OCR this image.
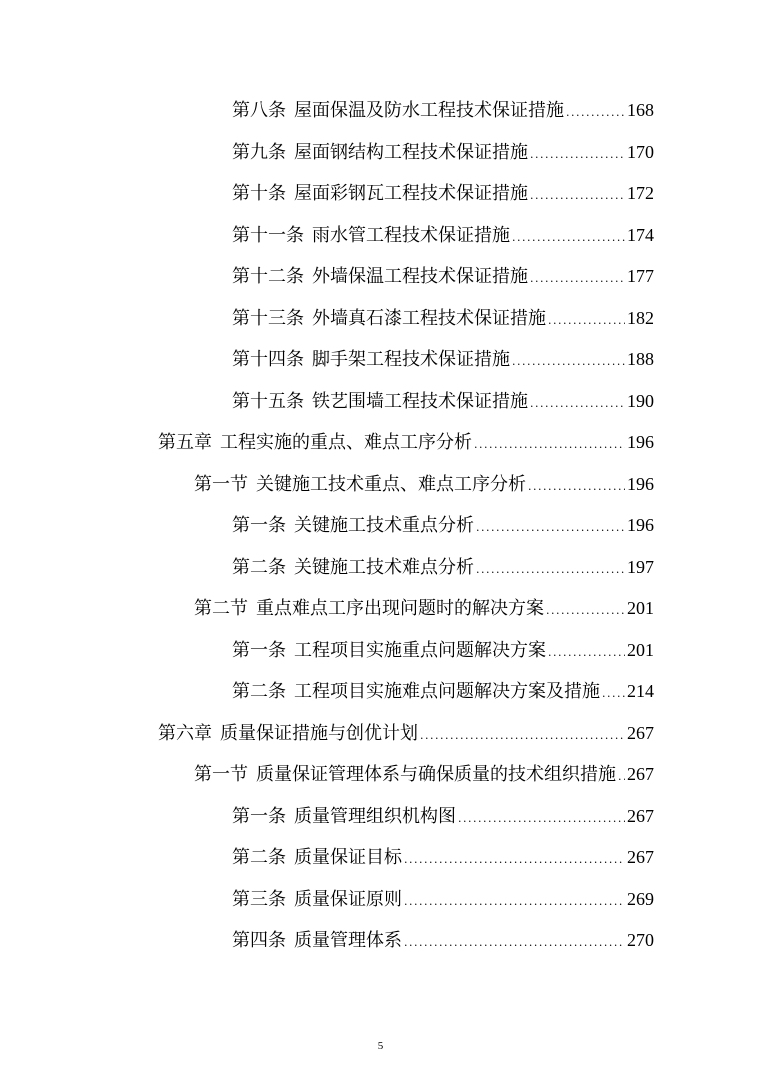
第八条 屋面保温及防水工程技术保证措施 .....	168
第九条 屋面钢结构工程技术保证措施 .....	170
第十条 屋面彩钢瓦工程技术保证措施 .....	172
第十一条 雨水管工程技术保证措施 .....	174
第十二条 外墙保温工程技术保证措施 .....	177
第十三条 外墙真石漆工程技术保证措施 .....	182
第十四条 脚手架工程技术保证措施 .....	188
第十五条 铁艺围墙工程技术保证措施 .....	190
第五章 工程实施的重点、难点工序分析 .....	196
第一节 关键施工技术重点、难点工序分析 .....	196
第一条 关键施工技术重点分析 .....	196
第二条 关键施工技术难点分析 .....	197
第二节 重点难点工序出现问题时的解决方案 .....	201
第一条 工程项目实施重点问题解决方案 .....	201
第二条 工程项目实施难点问题解决方案及措施 ..... 214
第六章 质量保证措施与创优计划 .....	267
第一节 质量保证管理体系与确保质量的技术组织措施 ..... 267
第一条 质量管理组织机构图 .....	267
第二条 质量保证目标 .....	267
第三条 质量保证原则 .....	269
第四条 质量管理体系 .....	270
5
